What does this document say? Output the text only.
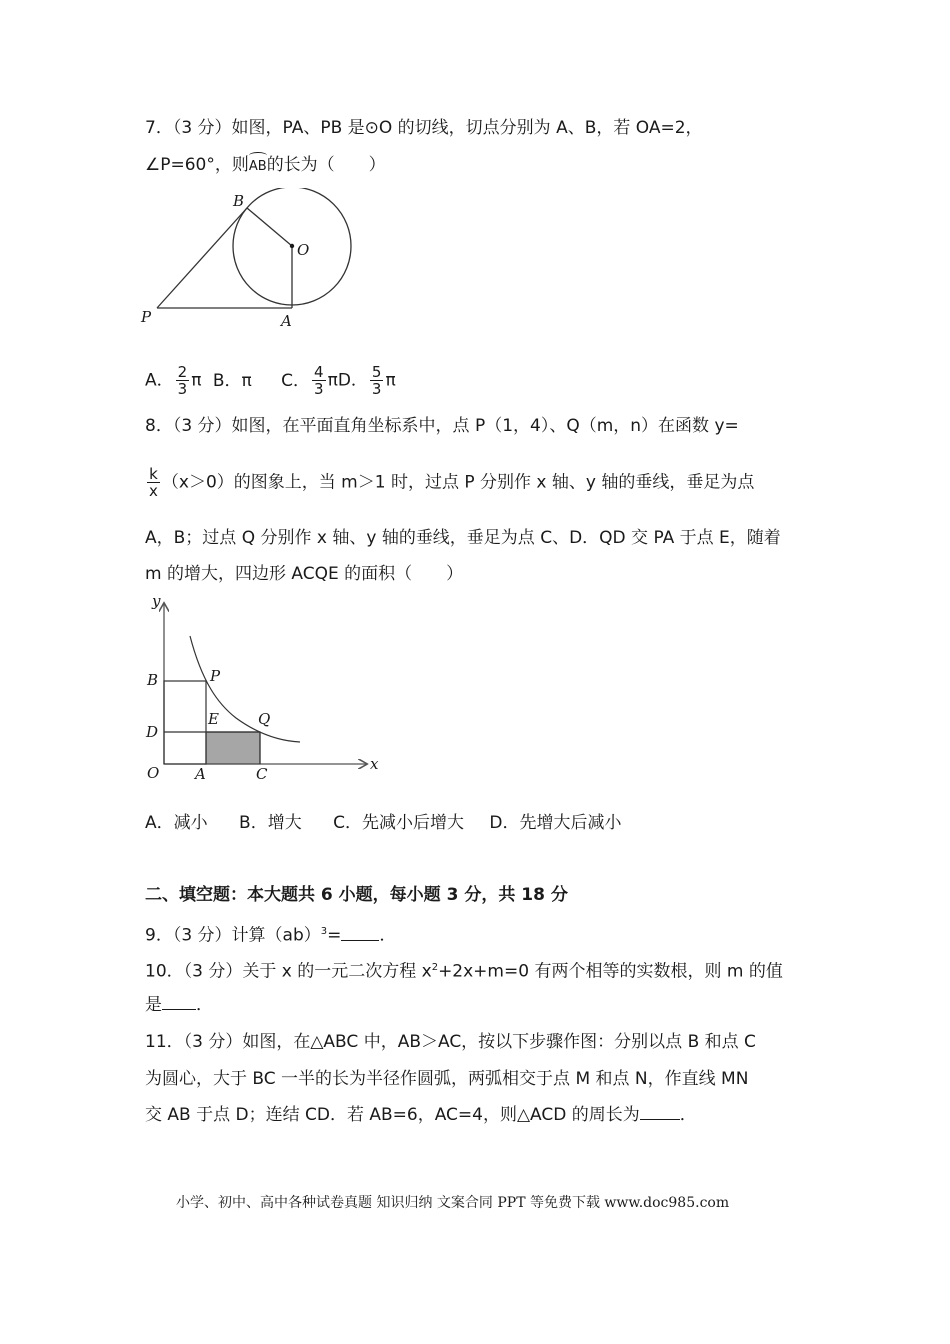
7．（3 分）如图，PA、PB 是⊙O 的切线，切点分别为 A、B，若 OA=2，
∠P=60°，则AB的长为（　　）
B
O
P	A
A． $\frac{2}{3}$ π B．π C． $\frac{4}{3}$ πD． $\frac{5}{3}$ π
8．（3 分）如图，在平面直角坐标系中，点 P（1，4）、Q（m，n）在函数 y=
$\frac{k}{x} (x>0)$的图象上，当 m＞1 时，过点 P 分别作 x 轴、y 轴的垂线，垂足为点
A，B；过点 Q 分别作 x 轴、y 轴的垂线，垂足为点 C、D．QD 交 PA 于点 E，随着
m 的增大，四边形 ACQE 的面积（　　）
y
x
B	P
D
E	Q
O A	C
A．减小 B．增大 C．先减小后增大 D．先增大后减小
二、填空题：本大题共 6 小题，每小题 3 分，共 18 分
9．（3 分）计算（ab）$^3$= ．
10．（3 分）关于 x 的一元二次方程 $x^2+2x+m=0$ 有两个相等的实数根，则 m 的值
是 ．
11．（3 分）如图，在△ABC 中，AB＞AC，按以下步骤作图：分别以点 B 和点 C
为圆心，大于 BC 一半的长为半径作圆弧，两弧相交于点 M 和点 N，作直线 MN
交 AB 于点 D；连结 CD．若 AB=6，AC=4，则△ACD 的周长为 ．
小学、初中、高中各种试卷真题 知识归纳 文案合同 PPT 等免费下载 www.doc985.com
